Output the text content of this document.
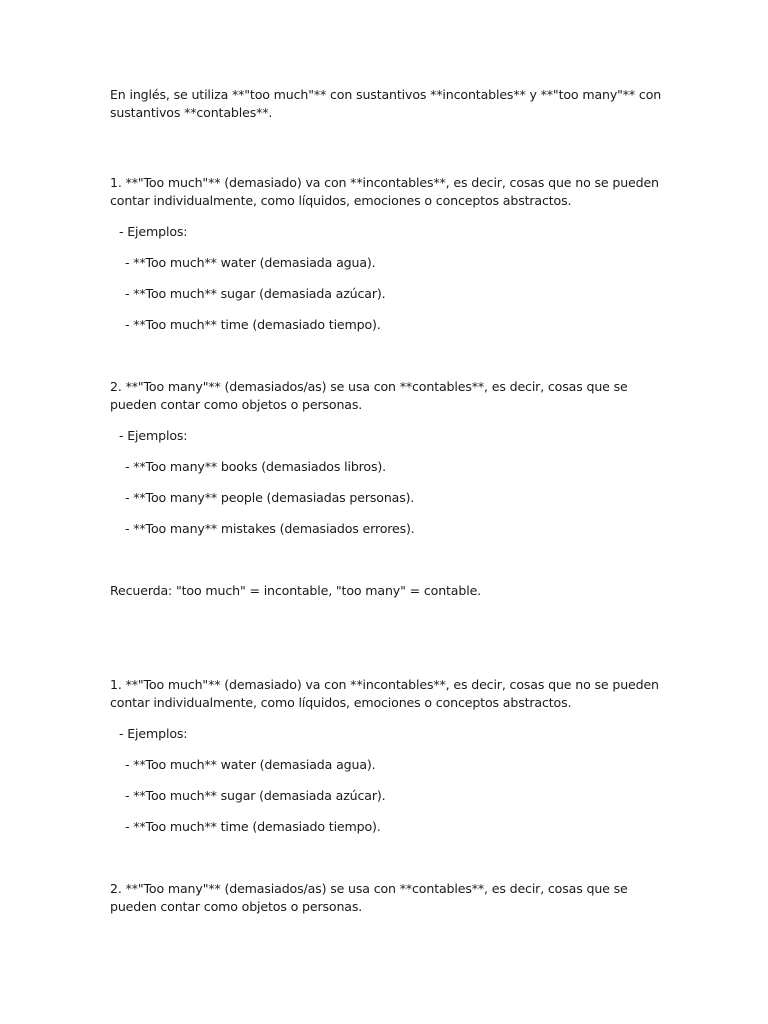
En inglés, se utiliza **"too much"** con sustantivos **incontables** y **"too many"** con sustantivos **contables**.

1. **"Too much"** (demasiado) va con **incontables**, es decir, cosas que no se pueden contar individualmente, como líquidos, emociones o conceptos abstractos.

- Ejemplos:

- **Too much** water (demasiada agua).

- **Too much** sugar (demasiada azúcar).

- **Too much** time (demasiado tiempo).

2. **"Too many"** (demasiados/as) se usa con **contables**, es decir, cosas que se pueden contar como objetos o personas.

- Ejemplos:

- **Too many** books (demasiados libros).

- **Too many** people (demasiadas personas).

- **Too many** mistakes (demasiados errores).

Recuerda: "too much" = incontable, "too many" = contable.

1. **"Too much"** (demasiado) va con **incontables**, es decir, cosas que no se pueden contar individualmente, como líquidos, emociones o conceptos abstractos.

- Ejemplos:

- **Too much** water (demasiada agua).

- **Too much** sugar (demasiada azúcar).

- **Too much** time (demasiado tiempo).

2. **"Too many"** (demasiados/as) se usa con **contables**, es decir, cosas que se pueden contar como objetos o personas.
